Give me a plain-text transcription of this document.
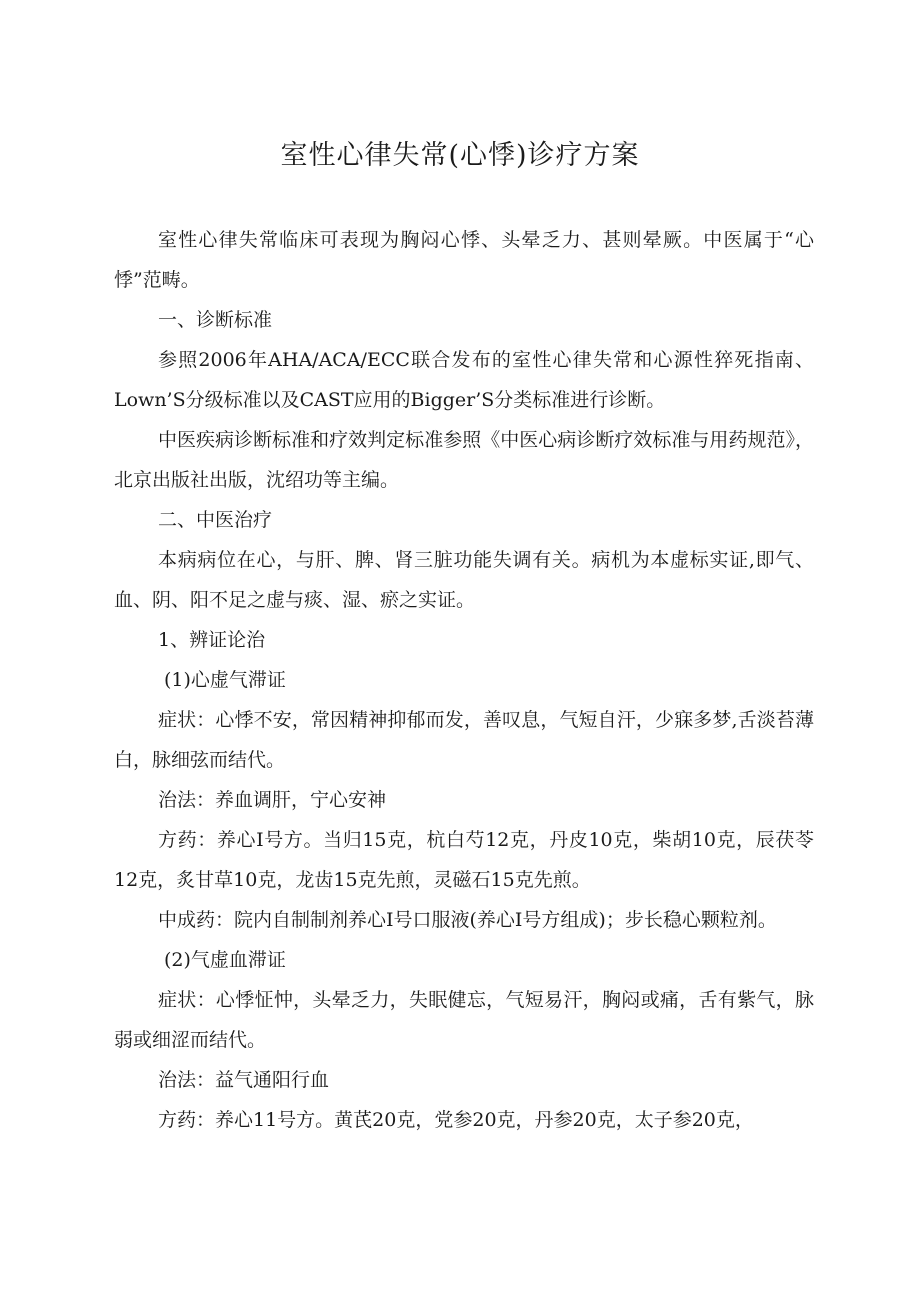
室性心律失常(心悸)诊疗方案

室性心律失常临床可表现为胸闷心悸、头晕乏力、甚则晕厥。中医属于“心悸”范畴。

一、诊断标准

参照2006年AHA/ACA/ECC联合发布的室性心律失常和心源性猝死指南、Lown’S分级标准以及CAST应用的Bigger’S分类标准进行诊断。

中医疾病诊断标准和疗效判定标准参照《中医心病诊断疗效标准与用药规范》，北京出版社出版，沈绍功等主编。

二、中医治疗

本病病位在心，与肝、脾、肾三脏功能失调有关。病机为本虚标实证,即气、血、阴、阳不足之虚与痰、湿、瘀之实证。

1、辨证论治

(1)心虚气滞证

症状：心悸不安，常因精神抑郁而发，善叹息，气短自汗，少寐多梦,舌淡苔薄白，脉细弦而结代。

治法：养血调肝，宁心安神

方药：养心Ⅰ号方。当归15克，杭白芍12克，丹皮10克，柴胡10克，辰茯苓12克，炙甘草10克，龙齿15克先煎，灵磁石15克先煎。

中成药：院内自制制剂养心Ⅰ号口服液(养心Ⅰ号方组成)；步长稳心颗粒剂。

(2)气虚血滞证

症状：心悸怔忡，头晕乏力，失眠健忘，气短易汗，胸闷或痛，舌有紫气，脉弱或细涩而结代。

治法：益气通阳行血

方药：养心11号方。黄芪20克，党参20克，丹参20克，太子参20克，
